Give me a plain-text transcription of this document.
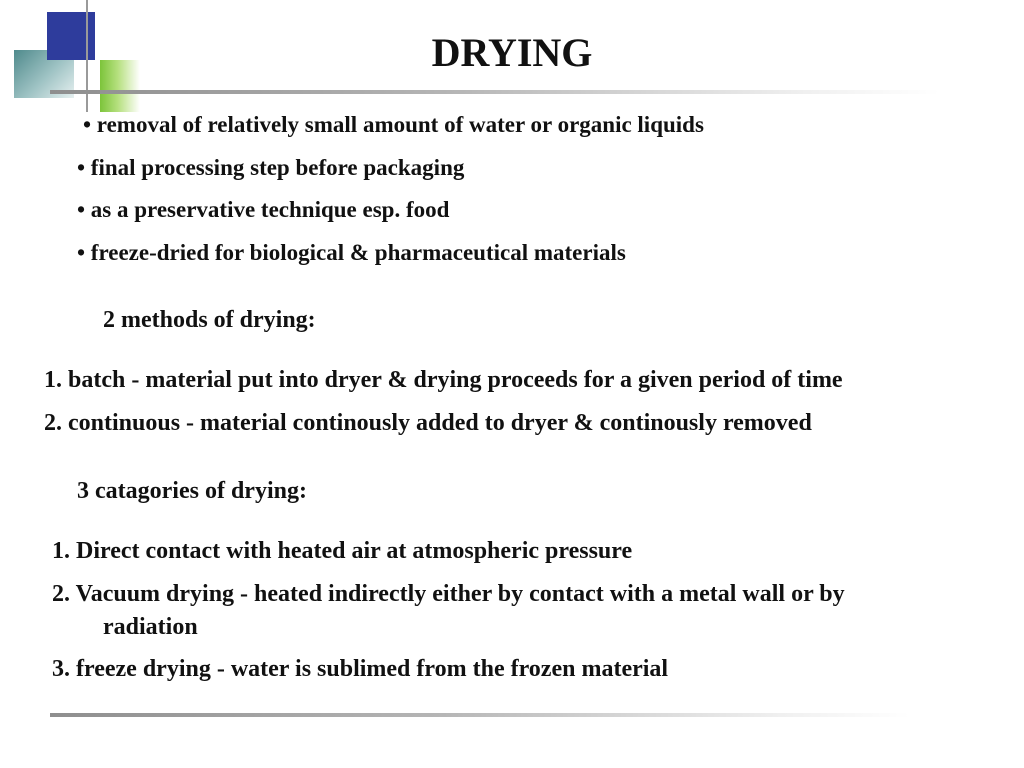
DRYING
• removal of relatively small amount of water or organic liquids
• final processing step before packaging
• as a preservative technique esp. food
• freeze-dried for biological & pharmaceutical materials
2 methods of drying:
1. batch - material put into dryer & drying proceeds for a given period of time
2. continuous - material continously added to dryer & continously removed
3 catagories of drying:
1. Direct contact with heated air at atmospheric pressure
2. Vacuum drying - heated indirectly either by contact with a metal wall or by
radiation
3. freeze drying - water is sublimed from the frozen material
